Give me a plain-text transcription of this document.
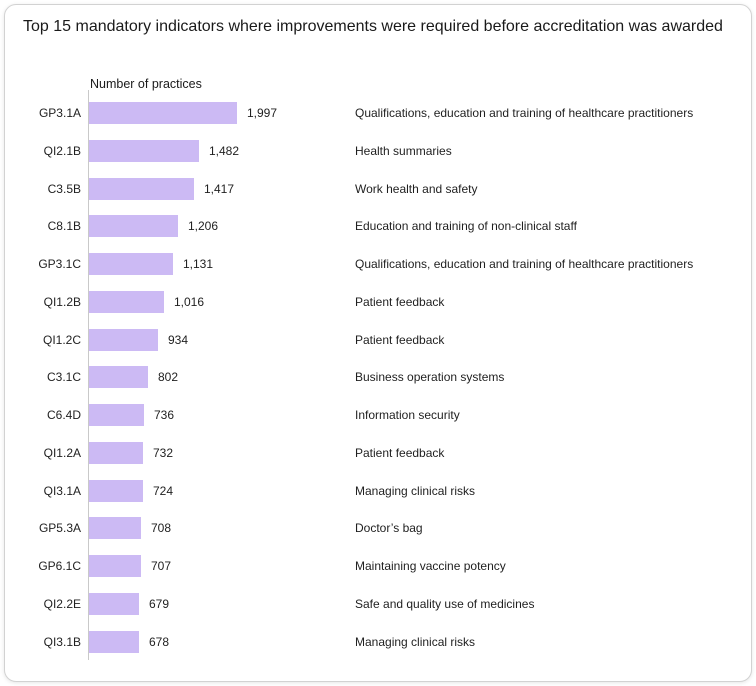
Top 15 mandatory indicators where improvements were required before accreditation was awarded
Number of practices
GP3.1A	1,997	Qualifications, education and training of healthcare practitioners
QI2.1B	1,482	Health summaries
C3.5B	1,417	Work health and safety
C8.1B	1,206	Education and training of non-clinical staff
GP3.1C	1,131	Qualifications, education and training of healthcare practitioners
QI1.2B	1,016	Patient feedback
QI1.2C	934	Patient feedback
C3.1C	802	Business operation systems
C6.4D	736	Information security
QI1.2A	732	Patient feedback
QI3.1A	724	Managing clinical risks
GP5.3A	708	Doctor’s bag
GP6.1C	707	Maintaining vaccine potency
QI2.2E	679	Safe and quality use of medicines
QI3.1B	678	Managing clinical risks
